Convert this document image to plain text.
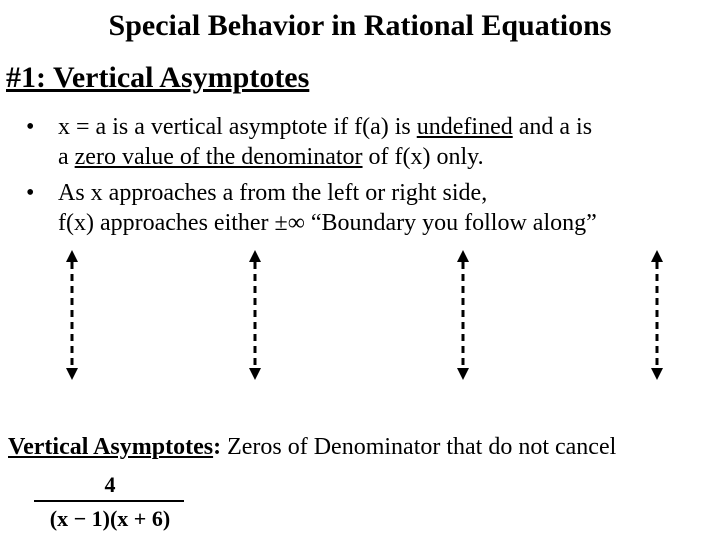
Special Behavior in Rational Equations
#1: Vertical Asymptotes
• x = a is a vertical asymptote if f(a) is undefined and a is
a zero value of the denominator of f(x) only.
• As x approaches a from the left or right side,
f(x) approaches either ±∞ “Boundary you follow along”
Vertical Asymptotes: Zeros of Denominator that do not cancel
4
(x − 1)(x + 6)
